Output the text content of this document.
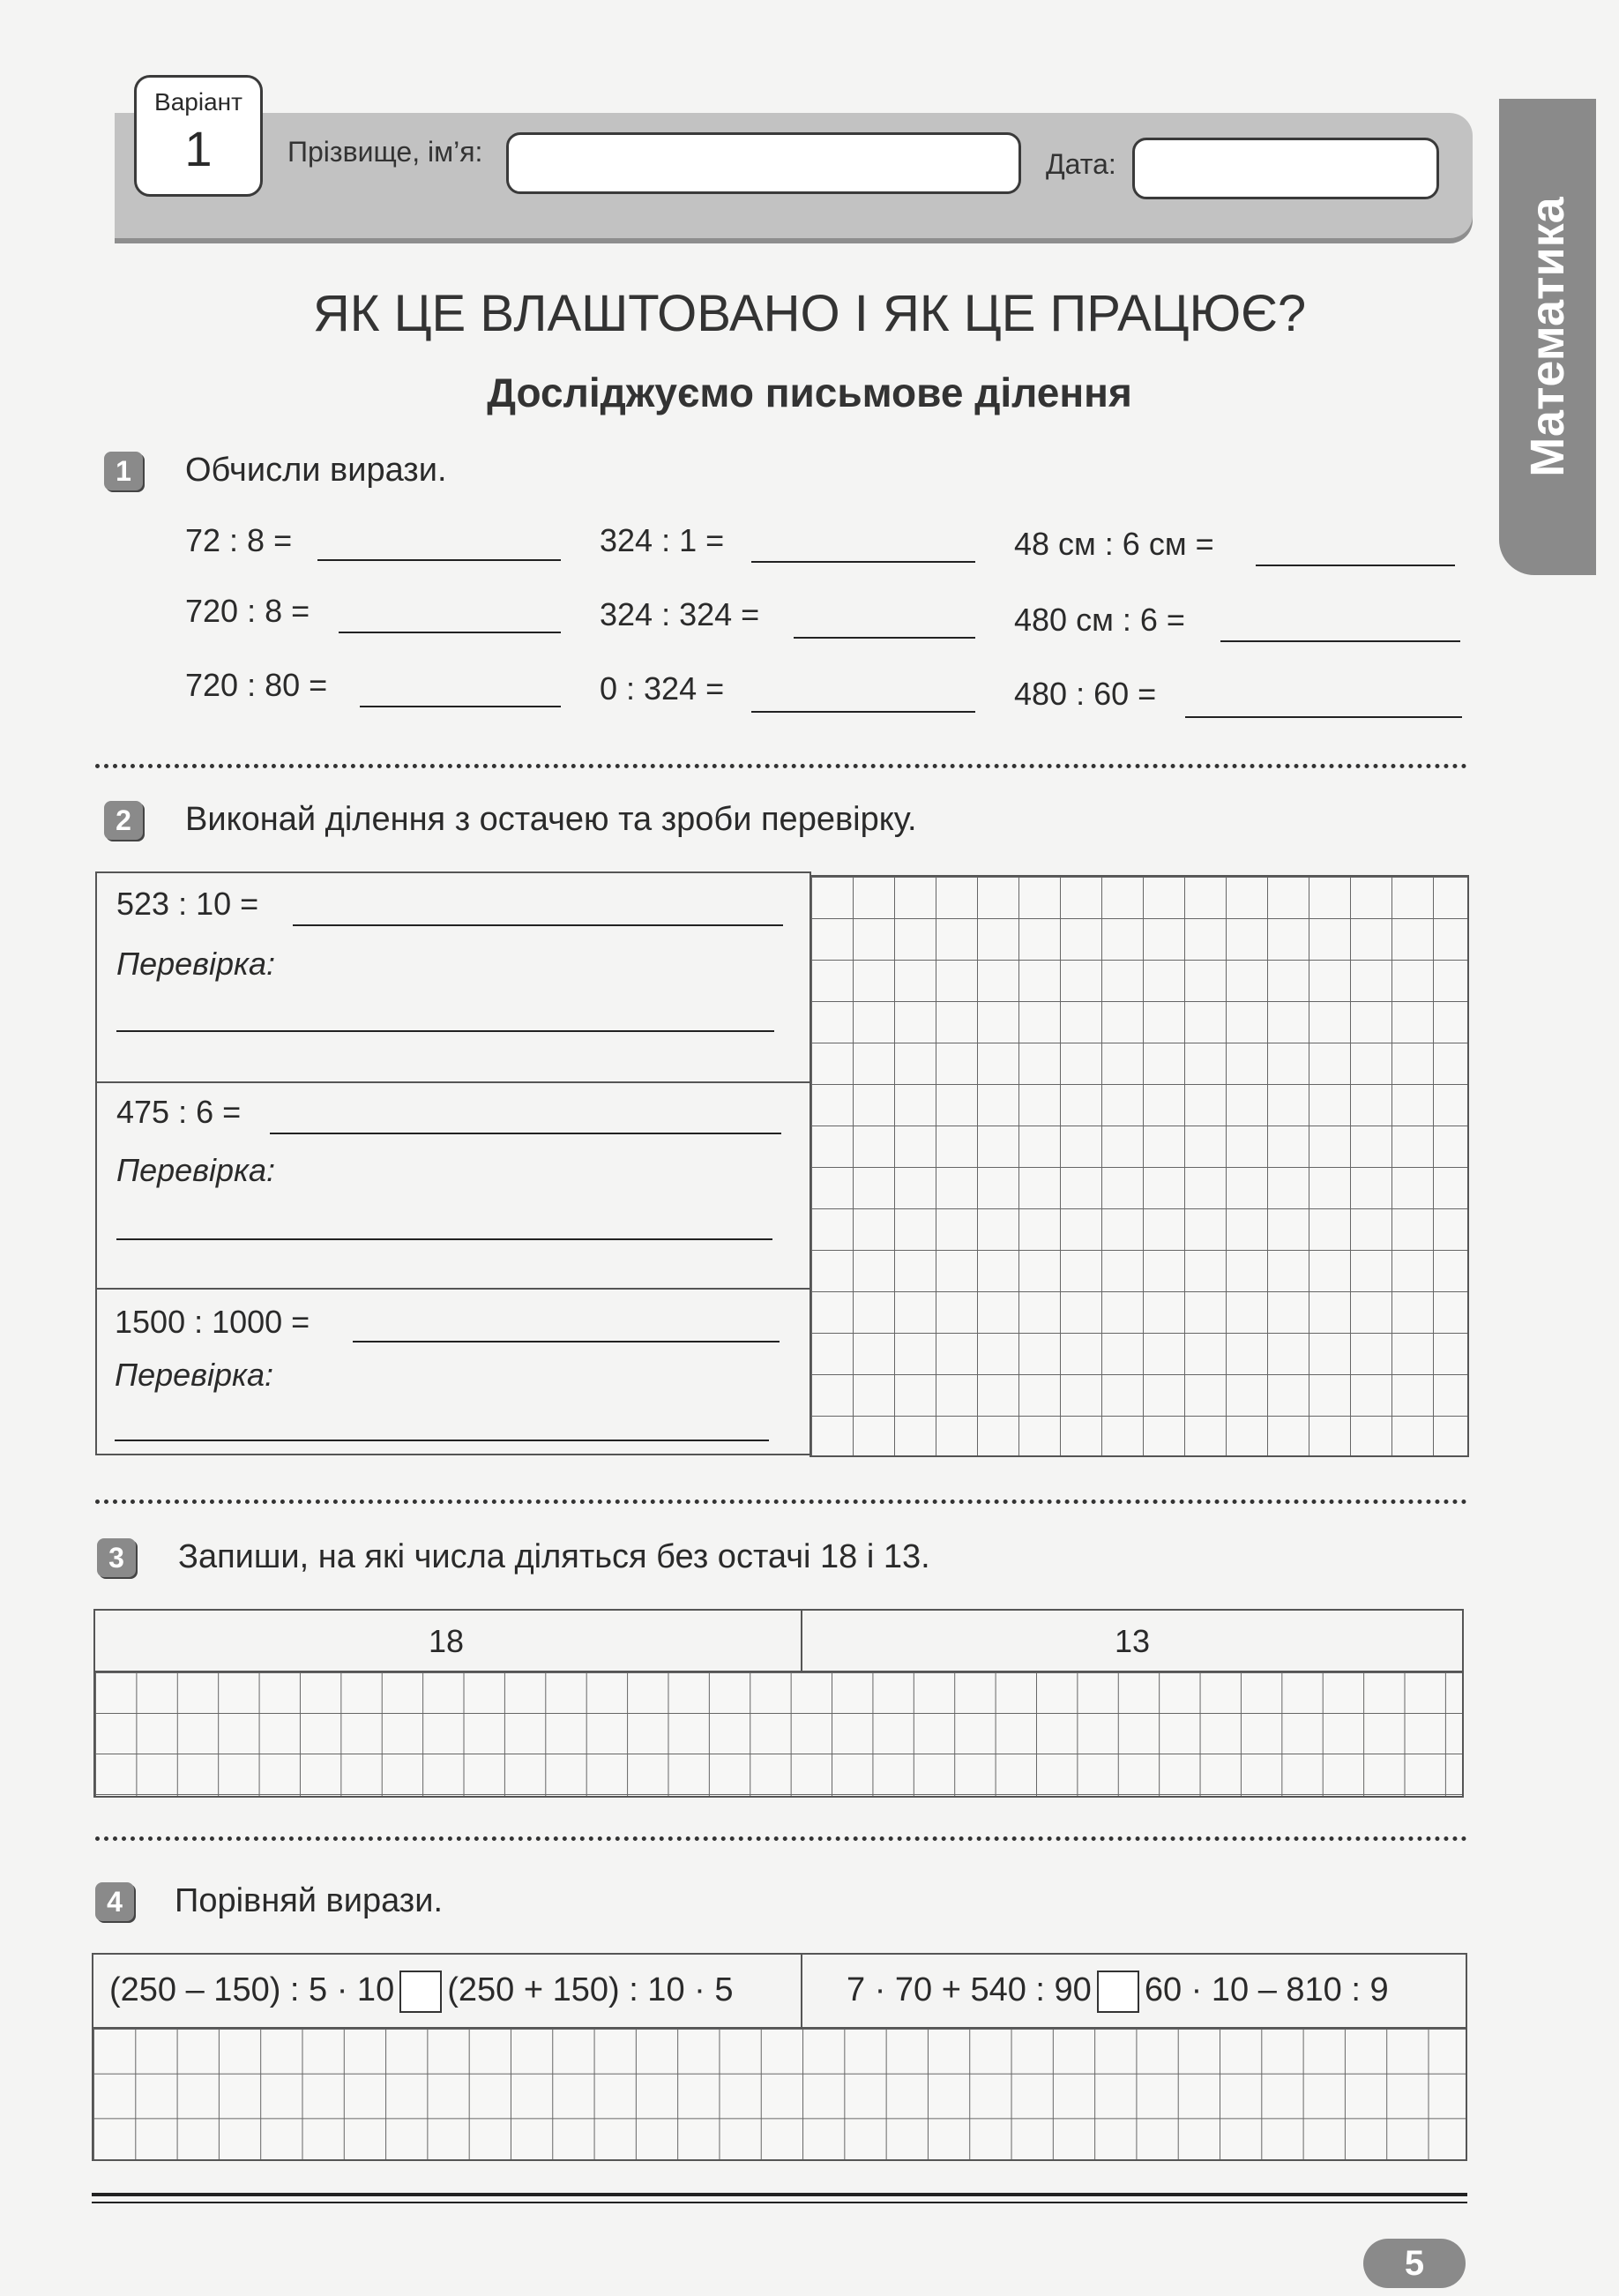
Варіант
1	Прізвище, ім’я:	Дата:
Математика
ЯК ЦЕ ВЛАШТОВАНО І ЯК ЦЕ ПРАЦЮЄ?
Досліджуємо письмове ділення
1	Обчисли вирази.
72 : 8 =	324 : 1 =	48 см : 6 см =
720 : 8 =	324 : 324 =	480 см : 6 =
720 : 80 =	0 : 324 =	480 : 60 =
2	Виконай ділення з остачею та зроби перевірку.
523 : 10 =
Перевірка:
475 : 6 =
Перевірка:
1500 : 1000 =
Перевірка:
3	Запиши, на які числа діляться без остачі 18 і 13.
18	13
4	Порівняй вирази.
(250 – 150) : 5 · 10 (250 + 150) : 10 · 5	7 · 70 + 540 : 90 60 · 10 – 810 : 9
5
